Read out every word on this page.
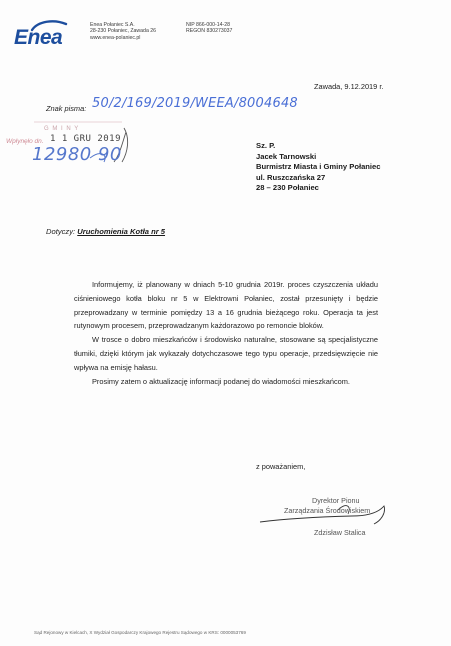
Enea
Enea Połaniec S.A.
28-230 Połaniec, Zawada 26
www.enea-polaniec.pl
NIP 866-000-14-28
REGON 830273037
Zawada, 9.12.2019 r.
Znak pisma: 50/2/169/2019/WEEA/8004648
G M I N Y
Wpłynęło dn. 1 1 GRU 2019
12980 90	Sz. P.
Jacek Tarnowski
Burmistrz Miasta i Gminy Połaniec
ul. Ruszczańska 27
28 – 230 Połaniec
Dotyczy: Uruchomienia Kotła nr 5

Informujemy, iż planowany w dniach 5-10 grudnia 2019r. proces czyszczenia układu ciśnieniowego kotła bloku nr 5 w Elektrowni Połaniec, został przesunięty i będzie przeprowadzany w terminie pomiędzy 13 a 16 grudnia bieżącego roku. Operacja ta jest rutynowym procesem, przeprowadzanym każdorazowo po remoncie bloków.

W trosce o dobro mieszkańców i środowisko naturalne, stosowane są specjalistyczne tłumiki, dzięki którym jak wykazały dotychczasowe tego typu operacje, przedsięwzięcie nie wpływa na emisję hałasu.

Prosimy zatem o aktualizację informacji podanej do wiadomości mieszkańcom.

z poważaniem,
Dyrektor Pionu
Zarządzania Środowiskiem
Zdzisław Stalica
Sąd Rejonowy w Kielcach, X Wydział Gospodarczy Krajowego Rejestru Sądowego w KRS: 0000053769
